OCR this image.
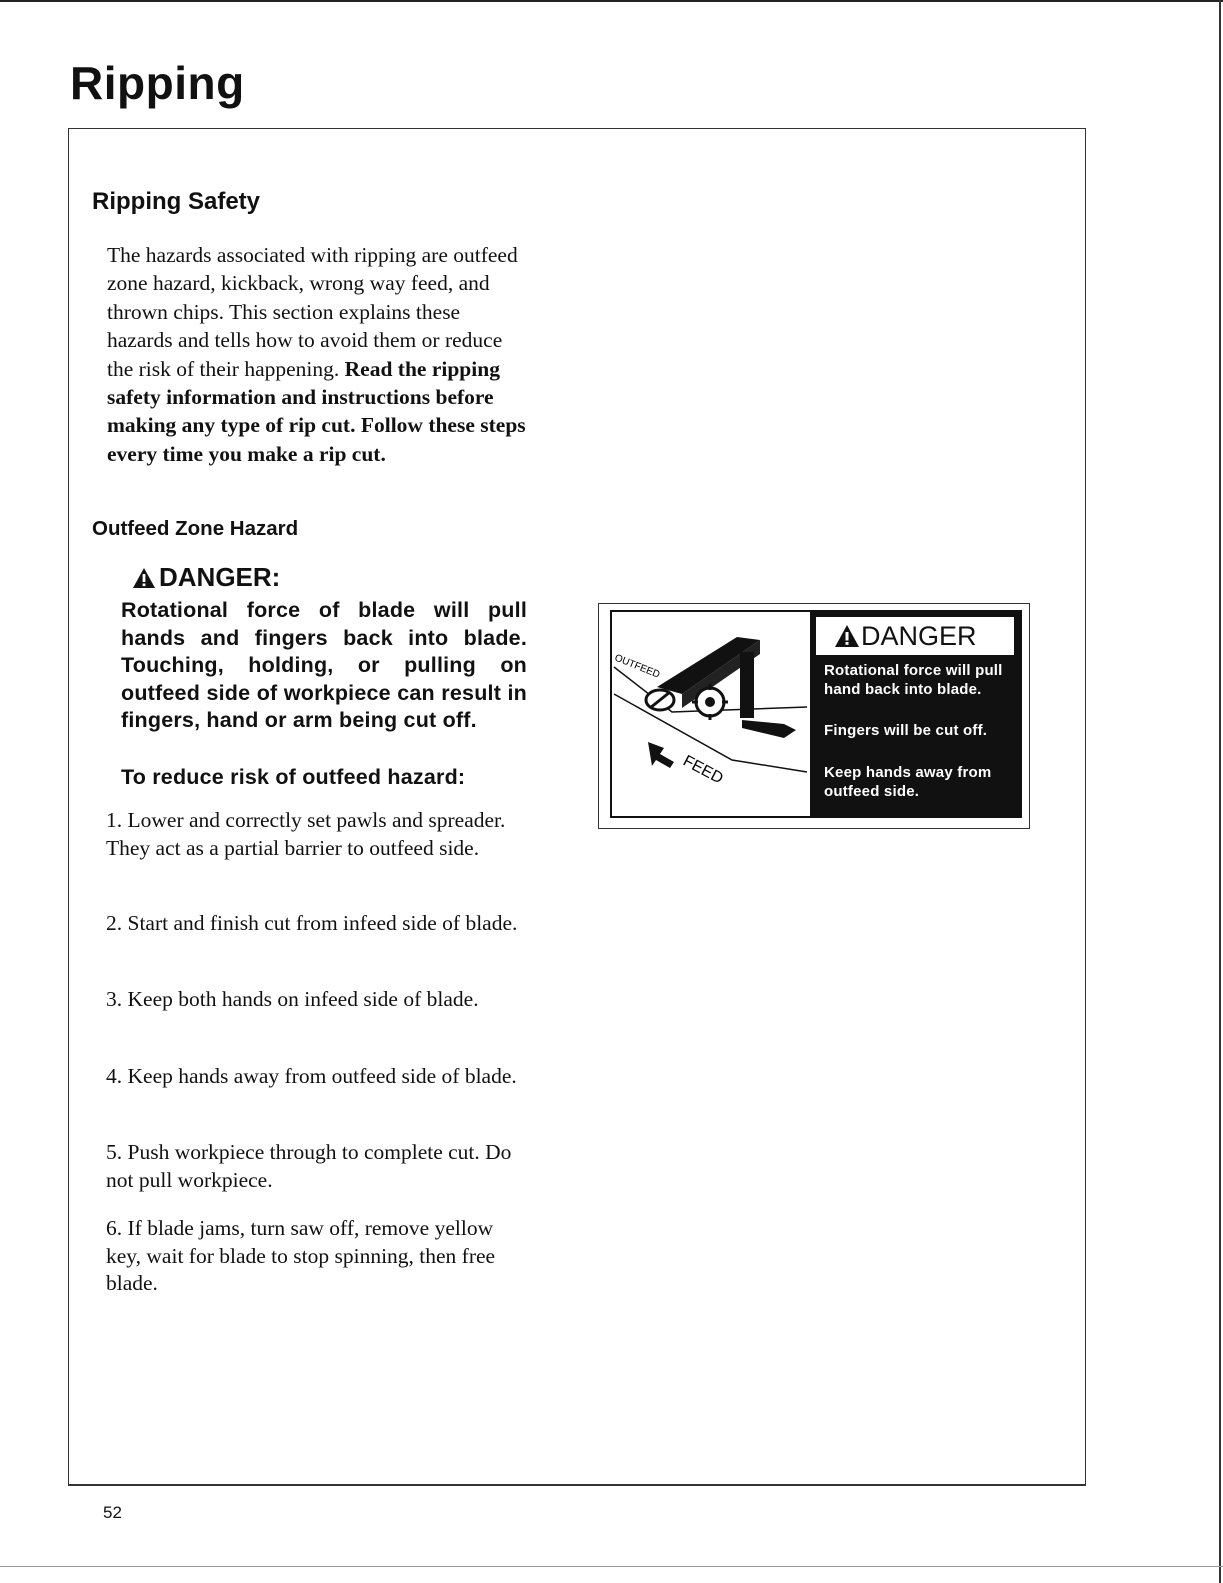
Ripping
Ripping Safety

The hazards associated with ripping are outfeed zone hazard, kickback, wrong way feed, and thrown chips. This section explains these hazards and tells how to avoid them or reduce the risk of their happening. Read the ripping safety information and instructions before making any type of rip cut. Follow these steps every time you make a rip cut.

Outfeed Zone Hazard
DANGER:

Rotational force of blade will pull hands and fingers back into blade. Touching, holding, or pulling on outfeed side of workpiece can result in fingers, hand or arm being cut off.

To reduce risk of outfeed hazard:

1. Lower and correctly set pawls and spreader. They act as a partial barrier to outfeed side.

2. Start and finish cut from infeed side of blade.

3. Keep both hands on infeed side of blade.

4. Keep hands away from outfeed side of blade.

5. Push workpiece through to complete cut. Do not pull workpiece.

6. If blade jams, turn saw off, remove yellow key, wait for blade to stop spinning, then free blade.

OUTFEED
FEED
DANGER

Rotational force will pull hand back into blade.

Fingers will be cut off.

Keep hands away from outfeed side.

52
